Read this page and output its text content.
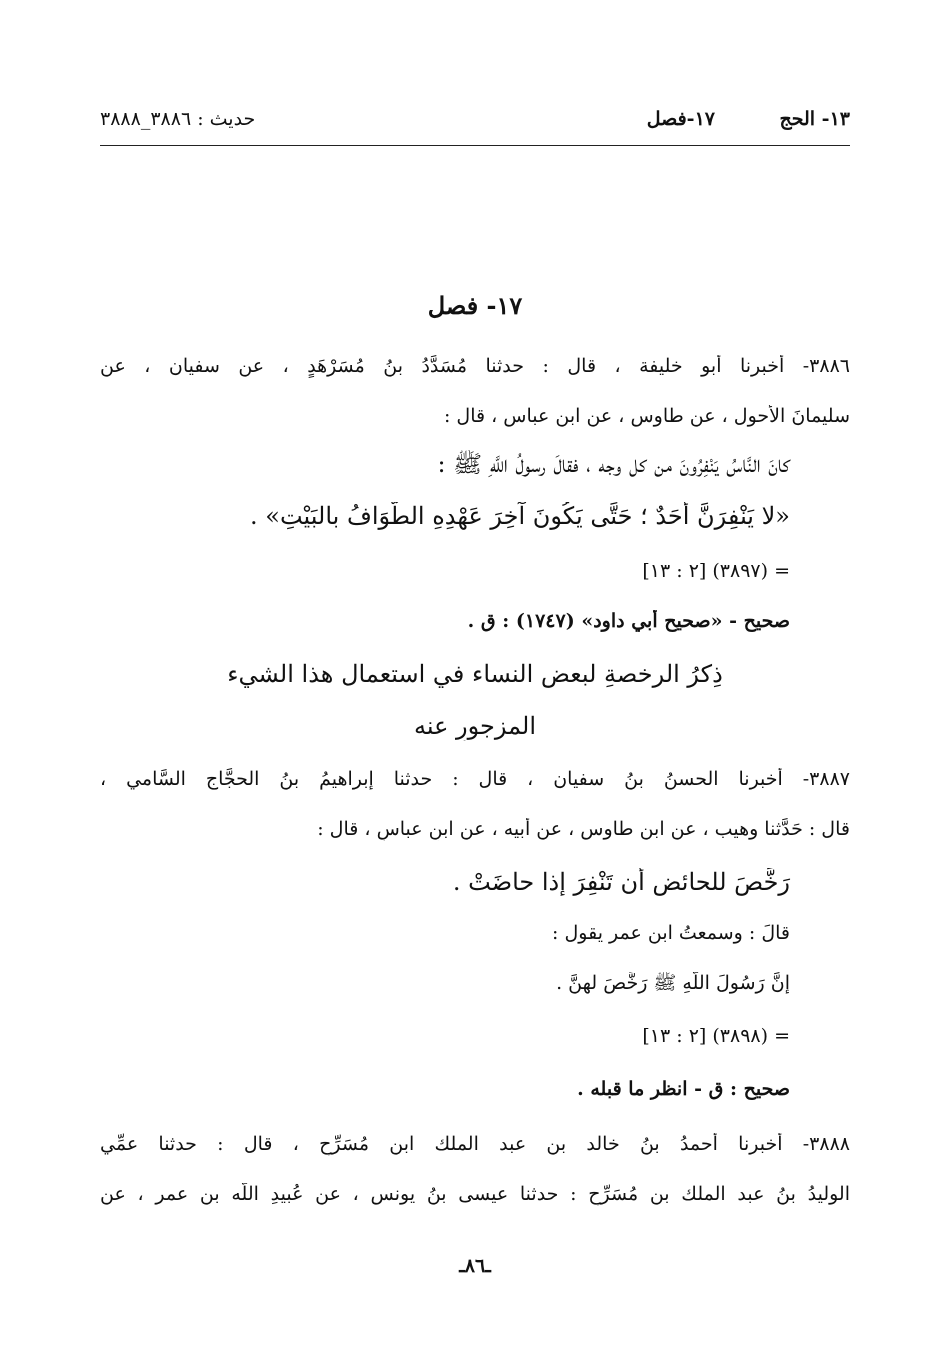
١٣- الحج
١٧-فصل
حديث : ٣٨٨٦_٣٨٨٨
١٧- فصل
٣٨٨٦- أخبرنا أبو خليفة ، قال : حدثنا مُسَدَّدُ بنُ مُسَرْهَدٍ ، عن سفيان ، عن
سليمانَ الأحول ، عن طاوس ، عن ابنِ عباس ، قال :
كانَ النَّاسُ يَنْفِرُونَ من كل وجه ، فقالَ رسولُ اللَّهِ ﷺ :
«لا يَنْفِرَنَّ أَحَدٌ ؛ حَتَّى يَكُونَ آخِرَ عَهْدِهِ الطَّوَافُ بالبَيْتِ» .
= (٣٨٩٧) [٢ : ١٣]
صحيح - «صحيح أبي داود» (١٧٤٧) : ق .
ذِكرُ الرخصةِ لبعض النساء في استعمال هذا الشيء
المزجورِ عنه
٣٨٨٧- أخبرنا الحسنُ بنُ سفيان ، قال : حدثنا إبراهيمُ بنُ الحجَّاج السَّامي ،
قال : حَدَّثنا وهيب ، عن ابن طاوس ، عن أبيه ، عن ابنِ عباسٍ ، قال :
رَخَّصَ للحائض أن تَنْفِرَ إذا حاضَتْ .
قالَ : وسمعتُ ابن عمر يقول :
إنَّ رَسُولَ اللَّهِ ﷺ رَخَّصَ لهنَّ .
= (٣٨٩٨) [٢ : ١٣]
صحيح : ق - انظر ما قبله .
٣٨٨٨- أخبرنا أحمدُ بنُ خالد بنِ عبد الملك ابن مُسَرِّحٍ ، قال : حدثنا عمِّي
الوليدُ بنُ عبد الملك بن مُسَرِّحٍ : حدثنا عيسى بنُ يونس ، عن عُبيدِ اللَّه بنِ عمر ، عن
ـ٨٦ـ
